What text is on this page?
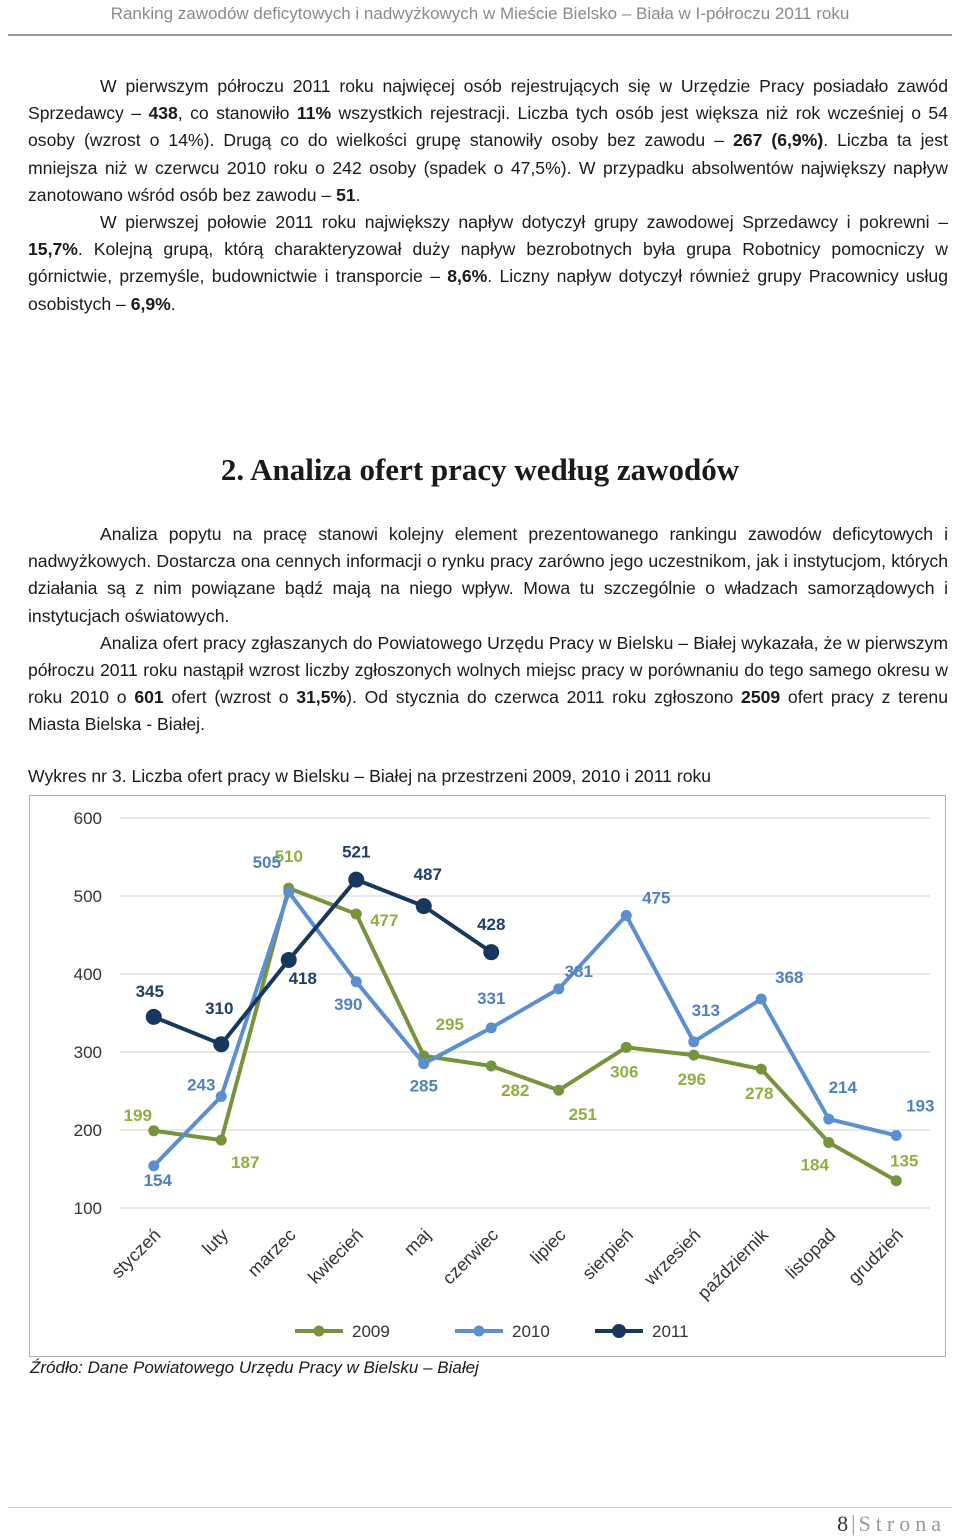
Ranking zawodów deficytowych i nadwyżkowych w Mieście Bielsko – Biała w I-półroczu 2011 roku

W pierwszym półroczu 2011 roku najwięcej osób rejestrujących się w Urzędzie Pracy posiadało zawód Sprzedawcy – 438, co stanowiło 11% wszystkich rejestracji. Liczba tych osób jest większa niż rok wcześniej o 54 osoby (wzrost o 14%). Drugą co do wielkości grupę stanowiły osoby bez zawodu – 267 (6,9%). Liczba ta jest mniejsza niż w czerwcu 2010 roku o 242 osoby (spadek o 47,5%). W przypadku absolwentów największy napływ zanotowano wśród osób bez zawodu – 51.

W pierwszej połowie 2011 roku największy napływ dotyczył grupy zawodowej Sprzedawcy i pokrewni – 15,7%. Kolejną grupą, którą charakteryzował duży napływ bezrobotnych była grupa Robotnicy pomocniczy w górnictwie, przemyśle, budownictwie i transporcie – 8,6%. Liczny napływ dotyczył również grupy Pracownicy usług osobistych – 6,9%.

2. Analiza ofert pracy według zawodów

Analiza popytu na pracę stanowi kolejny element prezentowanego rankingu zawodów deficytowych i nadwyżkowych. Dostarcza ona cennych informacji o rynku pracy zarówno jego uczestnikom, jak i instytucjom, których działania są z nim powiązane bądź mają na niego wpływ. Mowa tu szczególnie o władzach samorządowych i instytucjach oświatowych.

Analiza ofert pracy zgłaszanych do Powiatowego Urzędu Pracy w Bielsku – Białej wykazała, że w pierwszym półroczu 2011 roku nastąpił wzrost liczby zgłoszonych wolnych miejsc pracy w porównaniu do tego samego okresu w roku 2010 o 601 ofert (wzrost o 31,5%). Od stycznia do czerwca 2011 roku zgłoszono 2509 ofert pracy z terenu Miasta Bielska - Białej.

Wykres nr 3. Liczba ofert pracy w Bielsku – Białej na przestrzeni 2009, 2010 i 2011 roku
100
200
300
400
500
600
styczeń luty marzec kwiecień maj czerwiec lipiec sierpień wrzesień
październik listopad grudzień
199
187
510
477
295
282
251
306 296
278
184	135
154
243
505
390
285
331
381
475
313
368
214
193
345
310
418
521
487
428
2009	2010	2011
Źródło: Dane Powiatowego Urzędu Pracy w Bielsku – Białej
8|Strona
